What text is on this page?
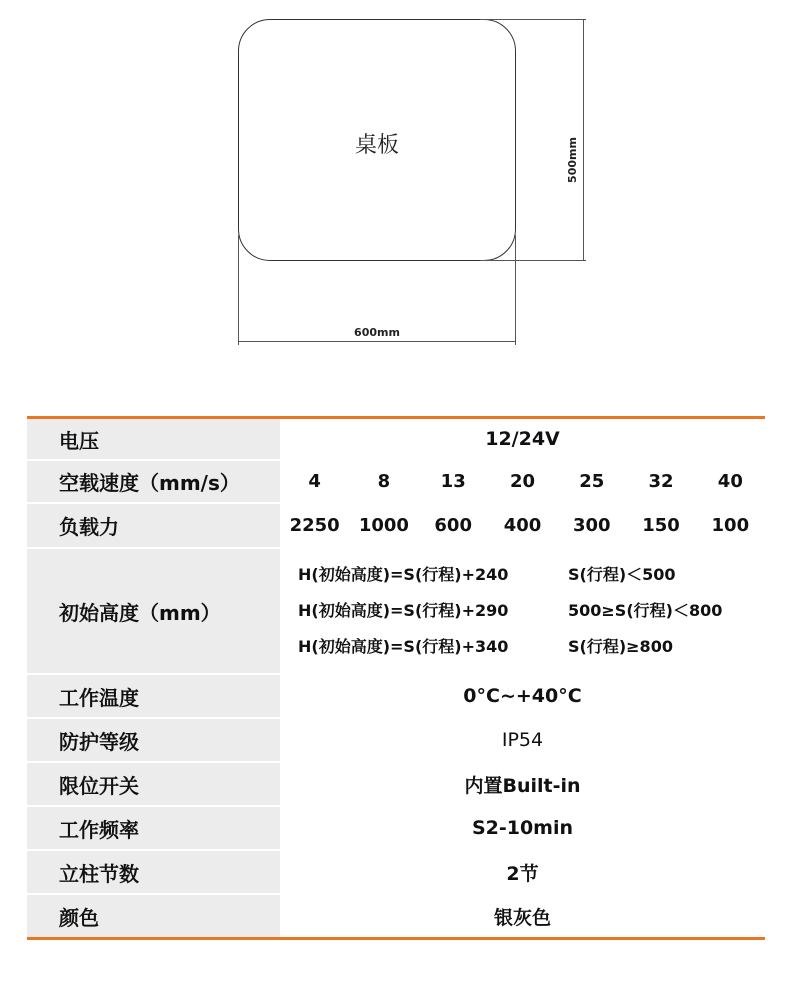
桌板
600mm
500mm
电压	12/24V
空载速度（mm/s）	4	8	13	20	25	32	40
负载力	2250	1000	600	400	300	150	100
初始高度（mm）
H(初始高度)=S(行程)+240	S(行程)＜500
H(初始高度)=S(行程)+290	500≥S(行程)＜800
H(初始高度)=S(行程)+340	S(行程)≥800
工作温度	0°C~+40°C
防护等级	IP54
限位开关	内置Built-in
工作频率	S2-10min
立柱节数	2节
颜色	银灰色
